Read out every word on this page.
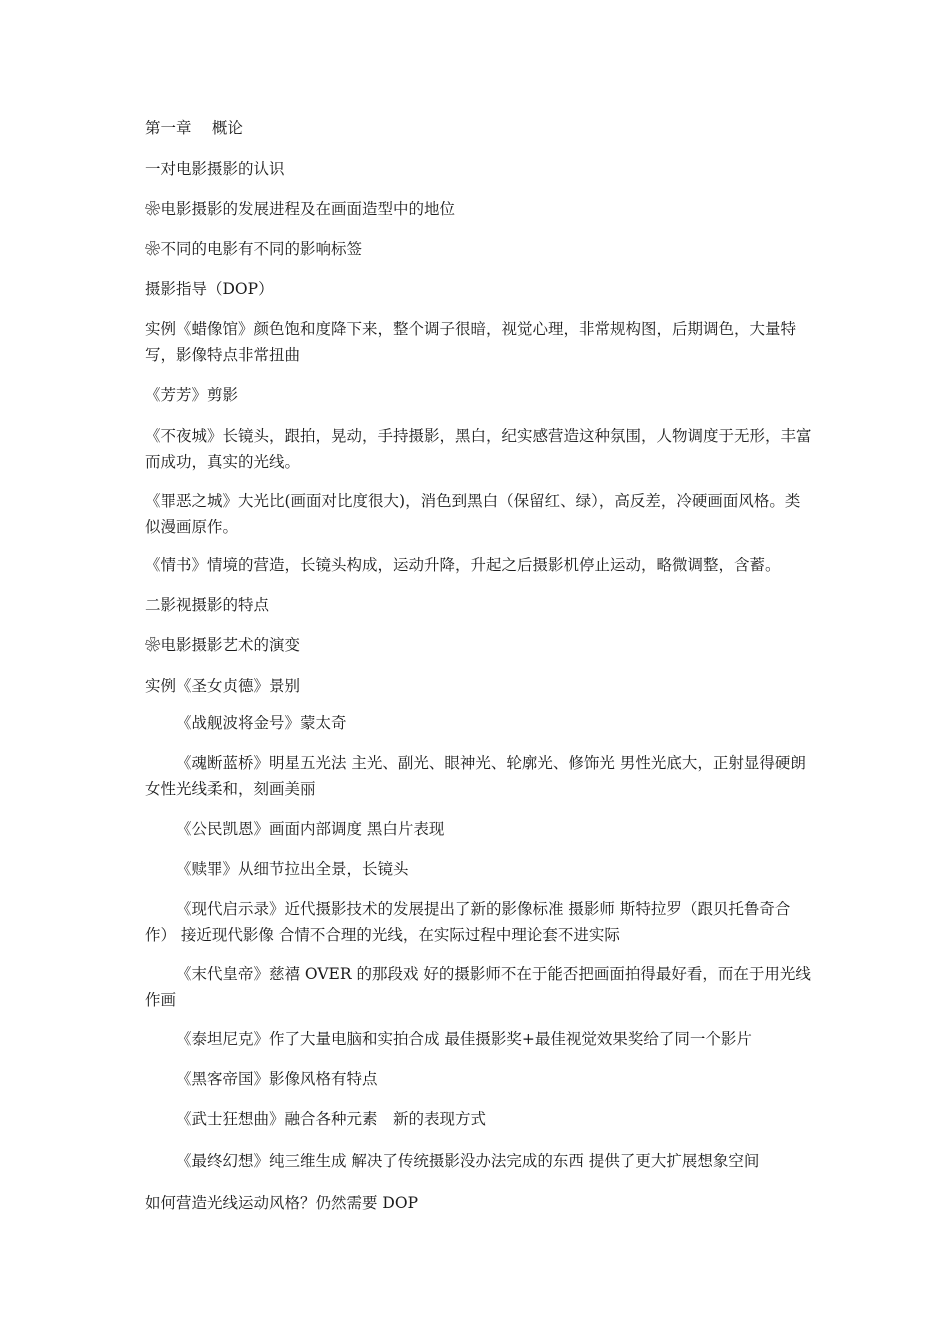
第一章　 概论

一对电影摄影的认识

❀电影摄影的发展进程及在画面造型中的地位

❀不同的电影有不同的影响标签

摄影指导（DOP）

实例《蜡像馆》颜色饱和度降下来，整个调子很暗，视觉心理，非常规构图，后期调色，大量特写，影像特点非常扭曲

《芳芳》剪影

《不夜城》长镜头，跟拍，晃动，手持摄影，黑白，纪实感营造这种氛围，人物调度于无形，丰富而成功，真实的光线。

《罪恶之城》大光比(画面对比度很大)，消色到黑白（保留红、绿），高反差，冷硬画面风格。类似漫画原作。

《情书》情境的营造，长镜头构成，运动升降，升起之后摄影机停止运动，略微调整，含蓄。

二影视摄影的特点

❀电影摄影艺术的演变

实例《圣女贞德》景别

《战舰波将金号》蒙太奇

《魂断蓝桥》明星五光法 主光、副光、眼神光、轮廓光、修饰光 男性光底大，正射显得硬朗 女性光线柔和，刻画美丽

《公民凯恩》画面内部调度 黑白片表现

《赎罪》从细节拉出全景，长镜头

《现代启示录》近代摄影技术的发展提出了新的影像标准 摄影师 斯特拉罗（跟贝托鲁奇合作） 接近现代影像 合情不合理的光线，在实际过程中理论套不进实际

《末代皇帝》慈禧 OVER 的那段戏 好的摄影师不在于能否把画面拍得最好看，而在于用光线作画

《泰坦尼克》作了大量电脑和实拍合成 最佳摄影奖+最佳视觉效果奖给了同一个影片

《黑客帝国》影像风格有特点

《武士狂想曲》融合各种元素　新的表现方式

《最终幻想》纯三维生成 解决了传统摄影没办法完成的东西 提供了更大扩展想象空间

如何营造光线运动风格？仍然需要 DOP
